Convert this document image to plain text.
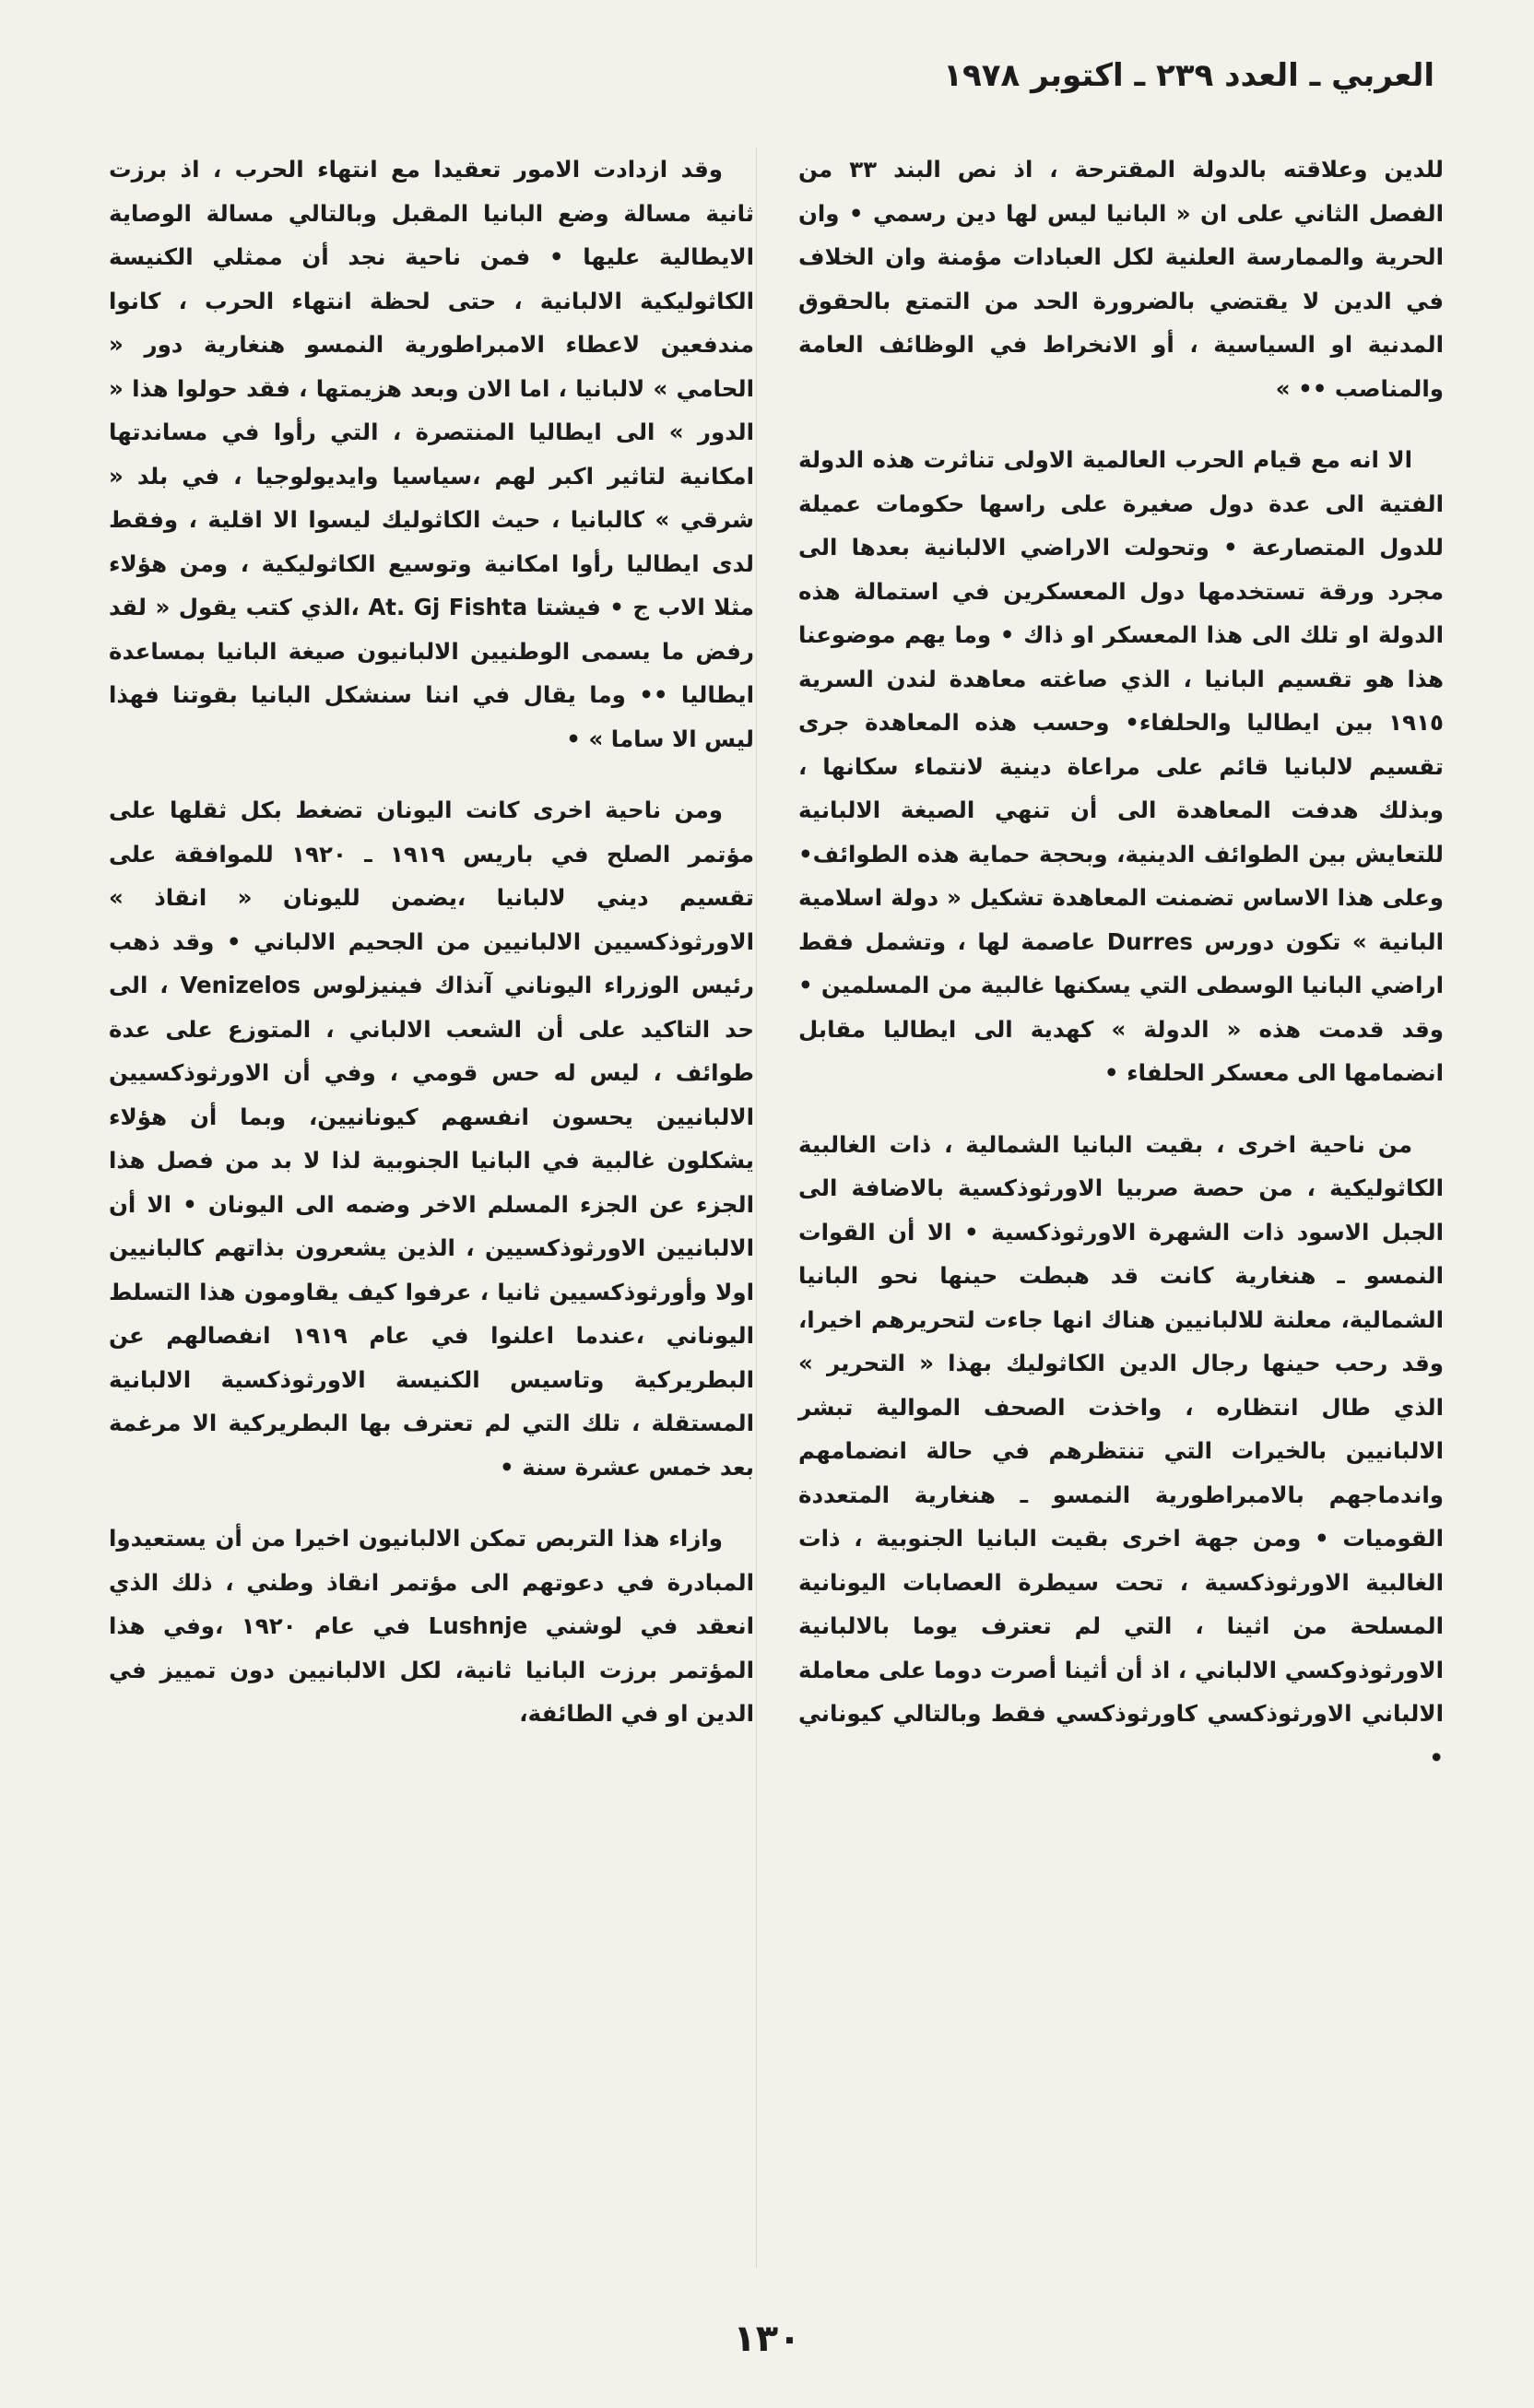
العربي ـ العدد ٢٣٩ ـ اكتوبر ١٩٧٨

للدين وعلاقته بالدولة المقترحة ، اذ نص البند ٣٣ من الفصل الثاني على ان « البانيا ليس لها دين رسمي • وان الحرية والممارسة العلنية لكل العبادات مؤمنة وان الخلاف في الدين لا يقتضي بالضرورة الحد من التمتع بالحقوق المدنية او السياسية ، أو الانخراط في الوظائف العامة والمناصب •• »

الا انه مع قيام الحرب العالمية الاولى تناثرت هذه الدولة الفتية الى عدة دول صغيرة على راسها حكومات عميلة للدول المتصارعة • وتحولت الاراضي الالبانية بعدها الى مجرد ورقة تستخدمها دول المعسكرين في استمالة هذه الدولة او تلك الى هذا المعسكر او ذاك • وما يهم موضوعنا هذا هو تقسيم البانيا ، الذي صاغته معاهدة لندن السرية ١٩١٥ بين ايطاليا والحلفاء• وحسب هذه المعاهدة جرى تقسيم لالبانيا قائم على مراعاة دينية لانتماء سكانها ، وبذلك هدفت المعاهدة الى أن تنهي الصيغة الالبانية للتعايش بين الطوائف الدينية، وبحجة حماية هذه الطوائف• وعلى هذا الاساس تضمنت المعاهدة تشكيل « دولة اسلامية البانية » تكون دورس Durres عاصمة لها ، وتشمل فقط اراضي البانيا الوسطى التي يسكنها غالبية من المسلمين • وقد قدمت هذه « الدولة » كهدية الى ايطاليا مقابل انضمامها الى معسكر الحلفاء •

من ناحية اخرى ، بقيت البانيا الشمالية ، ذات الغالبية الكاثوليكية ، من حصة صربيا الاورثوذكسية بالاضافة الى الجبل الاسود ذات الشهرة الاورثوذكسية • الا أن القوات النمسو ـ هنغارية كانت قد هبطت حينها نحو البانيا الشمالية، معلنة للالبانيين هناك انها جاءت لتحريرهم اخيرا، وقد رحب حينها رجال الدين الكاثوليك بهذا « التحرير » الذي طال انتظاره ، واخذت الصحف الموالية تبشر الالبانيين بالخيرات التي تنتظرهم في حالة انضمامهم واندماجهم بالامبراطورية النمسو ـ هنغارية المتعددة القوميات • ومن جهة اخرى بقيت البانيا الجنوبية ، ذات الغالبية الاورثوذكسية ، تحت سيطرة العصابات اليونانية المسلحة من اثينا ، التي لم تعترف يوما بالالبانية الاورثوذوكسي الالباني ، اذ أن أثينا أصرت دوما على معاملة الالباني الاورثوذكسي كاورثوذكسي فقط وبالتالي كيوناني •

وقد ازدادت الامور تعقيدا مع انتهاء الحرب ، اذ برزت ثانية مسالة وضع البانيا المقبل وبالتالي مسالة الوصاية الايطالية عليها • فمن ناحية نجد أن ممثلي الكنيسة الكاثوليكية الالبانية ، حتى لحظة انتهاء الحرب ، كانوا مندفعين لاعطاء الامبراطورية النمسو هنغارية دور « الحامي » لالبانيا ، اما الان وبعد هزيمتها ، فقد حولوا هذا « الدور » الى ايطاليا المنتصرة ، التي رأوا في مساندتها امكانية لتاثير اكبر لهم ،سياسيا وايديولوجيا ، في بلد « شرقي » كالبانيا ، حيث الكاثوليك ليسوا الا اقلية ، وفقط لدى ايطاليا رأوا امكانية وتوسيع الكاثوليكية ، ومن هؤلاء مثلا الاب ج • فيشتا At. Gj Fishta ،الذي كتب يقول « لقد رفض ما يسمى الوطنيين الالبانيون صيغة البانيا بمساعدة ايطاليا •• وما يقال في اننا سنشكل البانيا بقوتنا فهذا ليس الا ساما » •

ومن ناحية اخرى كانت اليونان تضغط بكل ثقلها على مؤتمر الصلح في باريس ١٩١٩ ـ ١٩٢٠ للموافقة على تقسيم ديني لالبانيا ،يضمن لليونان « انقاذ » الاورثوذكسيين الالبانيين من الجحيم الالباني • وقد ذهب رئيس الوزراء اليوناني آنذاك فينيزلوس Venizelos ، الى حد التاكيد على أن الشعب الالباني ، المتوزع على عدة طوائف ، ليس له حس قومي ، وفي أن الاورثوذكسيين الالبانيين يحسون انفسهم كيونانيين، وبما أن هؤلاء يشكلون غالبية في البانيا الجنوبية لذا لا بد من فصل هذا الجزء عن الجزء المسلم الاخر وضمه الى اليونان • الا أن الالبانيين الاورثوذكسيين ، الذين يشعرون بذاتهم كالبانيين اولا وأورثوذكسيين ثانيا ، عرفوا كيف يقاومون هذا التسلط اليوناني ،عندما اعلنوا في عام ١٩١٩ انفصالهم عن البطريركية وتاسيس الكنيسة الاورثوذكسية الالبانية المستقلة ، تلك التي لم تعترف بها البطريركية الا مرغمة بعد خمس عشرة سنة •

وازاء هذا التربص تمكن الالبانيون اخيرا من أن يستعيدوا المبادرة في دعوتهم الى مؤتمر انقاذ وطني ، ذلك الذي انعقد في لوشني Lushnje في عام ١٩٢٠ ،وفي هذا المؤتمر برزت البانيا ثانية، لكل الالبانيين دون تمييز في الدين او في الطائفة،

١٣٠
